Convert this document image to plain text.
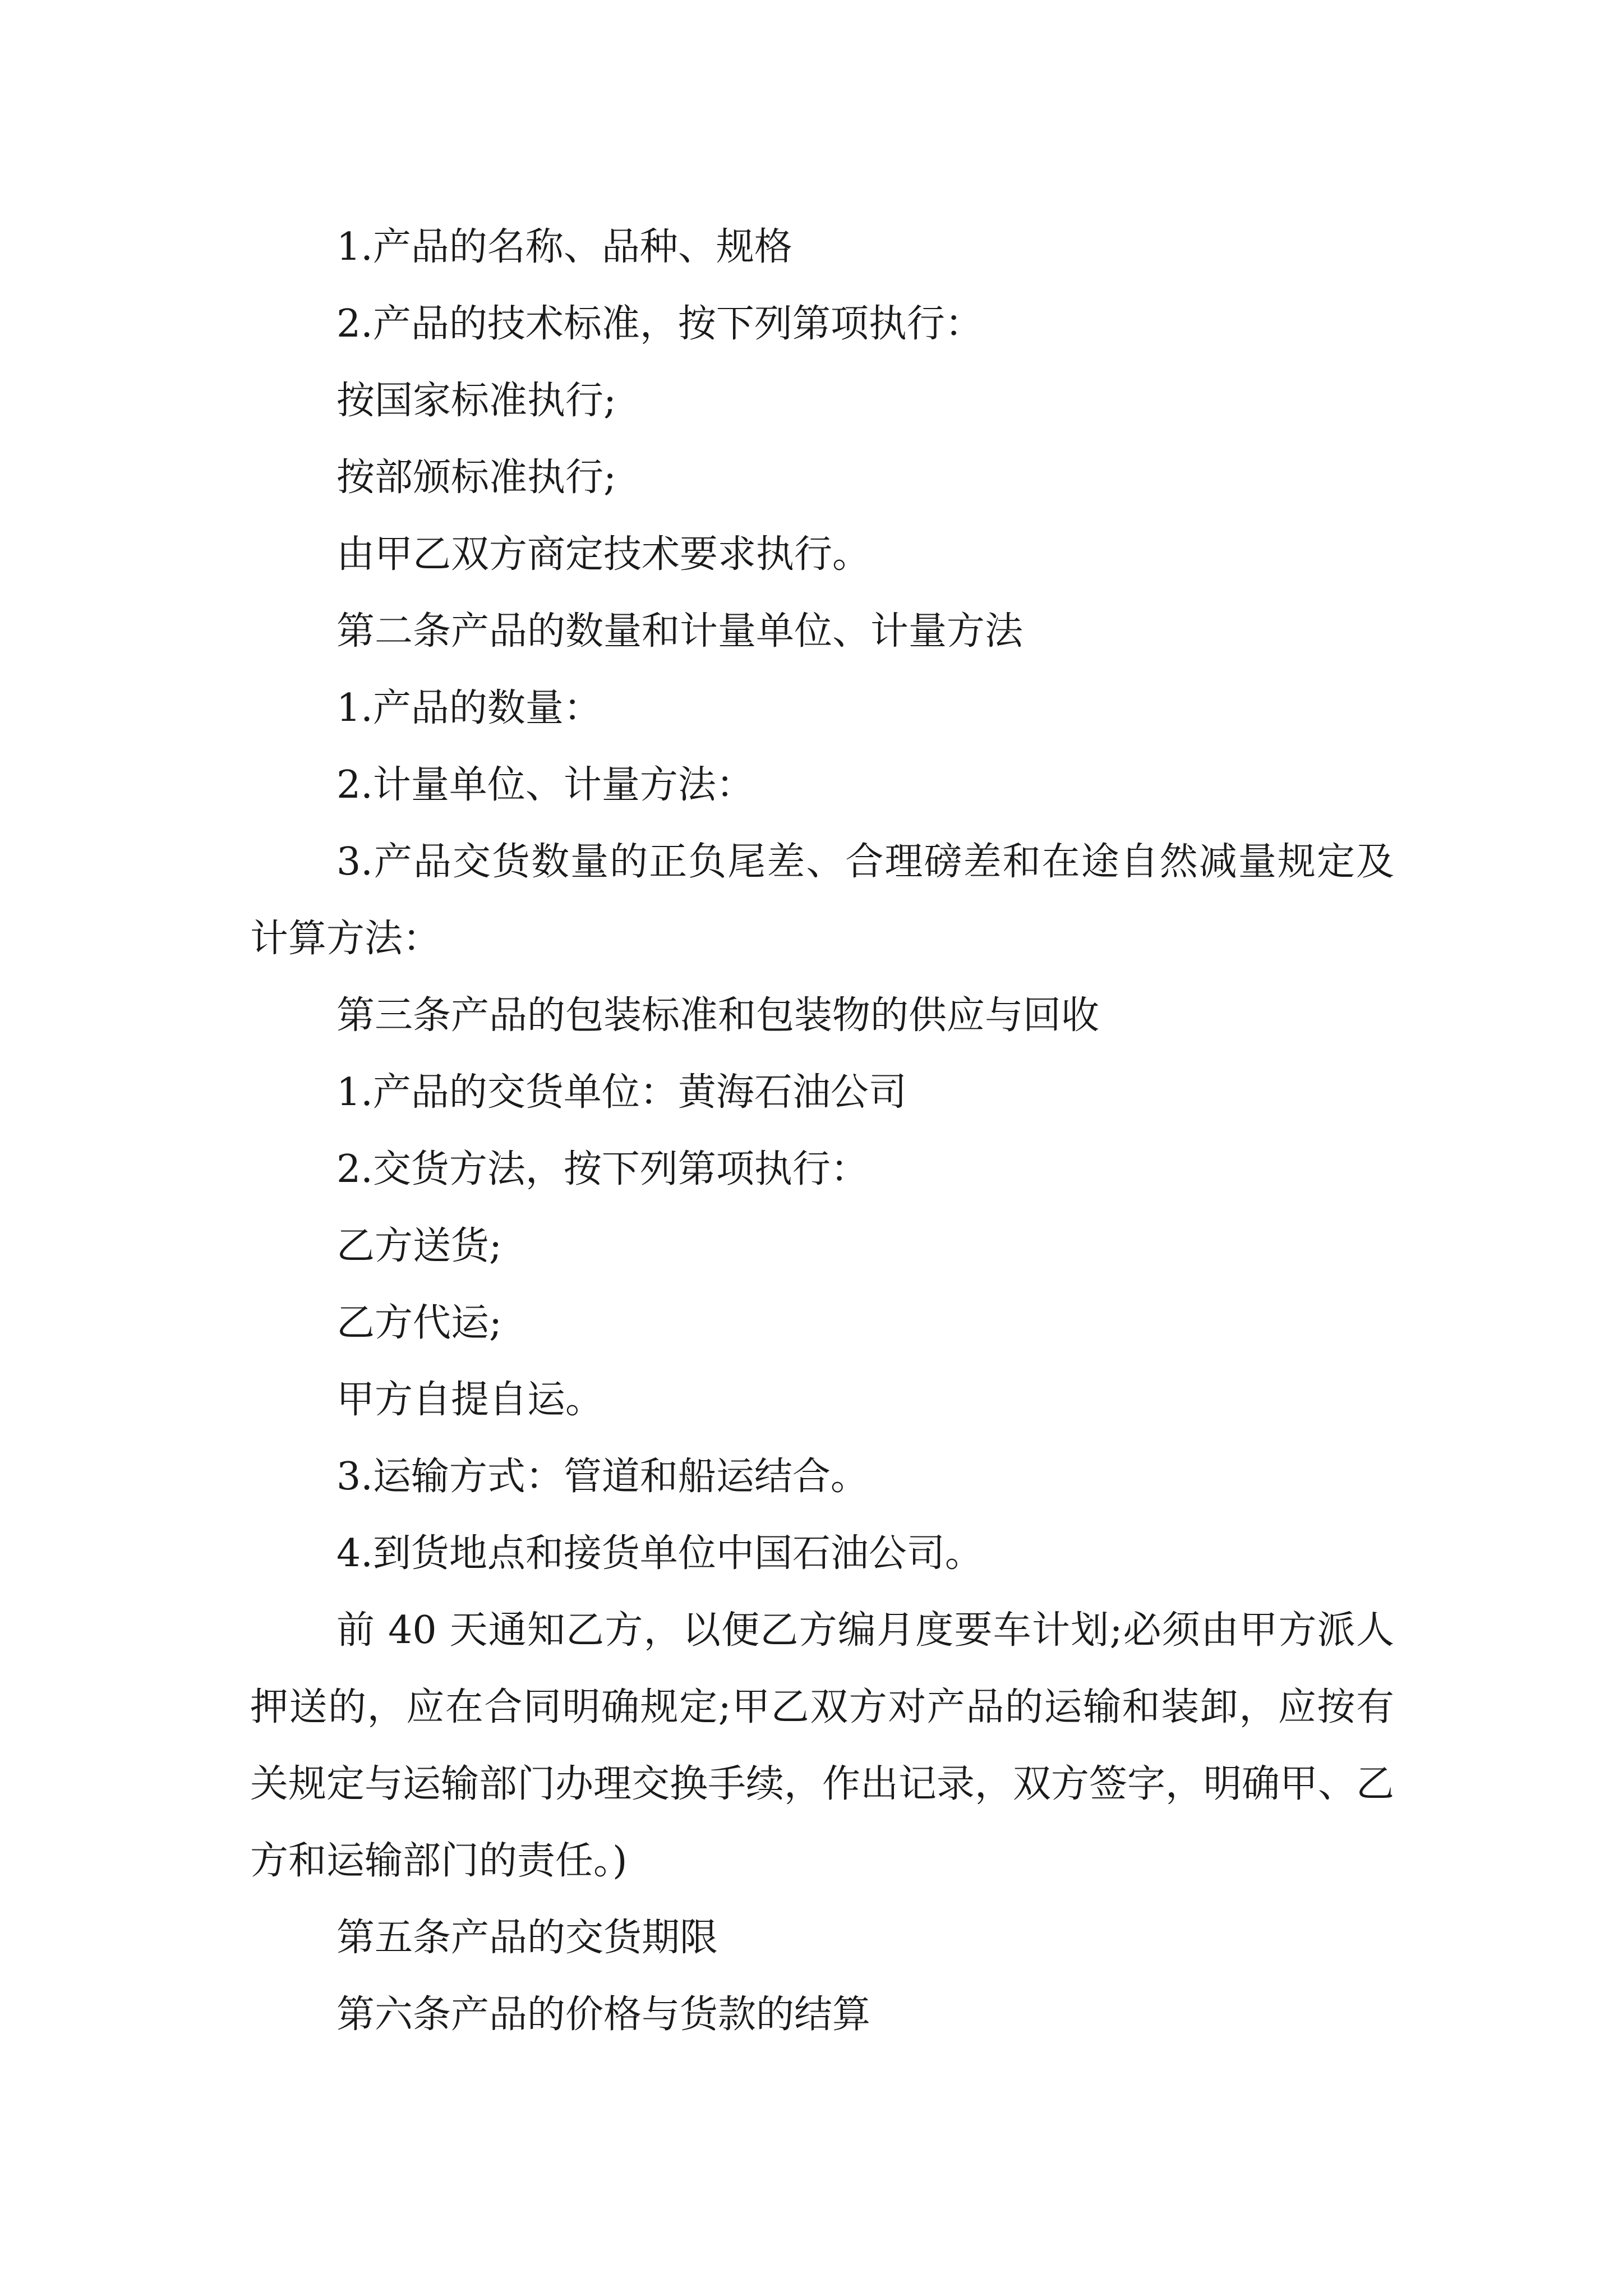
1.产品的名称、品种、规格

2.产品的技术标准，按下列第项执行：

按国家标准执行;

按部颁标准执行;

由甲乙双方商定技术要求执行。

第二条产品的数量和计量单位、计量方法

1.产品的数量：

2.计量单位、计量方法：

3.产品交货数量的正负尾差、合理磅差和在途自然减量规定及计算方法：

第三条产品的包装标准和包装物的供应与回收

1.产品的交货单位：黄海石油公司

2.交货方法，按下列第项执行：

乙方送货;

乙方代运;

甲方自提自运。

3.运输方式：管道和船运结合。

4.到货地点和接货单位中国石油公司。

前 40 天通知乙方，以便乙方编月度要车计划;必须由甲方派人押送的，应在合同明确规定;甲乙双方对产品的运输和装卸，应按有关规定与运输部门办理交换手续，作出记录，双方签字，明确甲、乙方和运输部门的责任。)

第五条产品的交货期限

第六条产品的价格与货款的结算
